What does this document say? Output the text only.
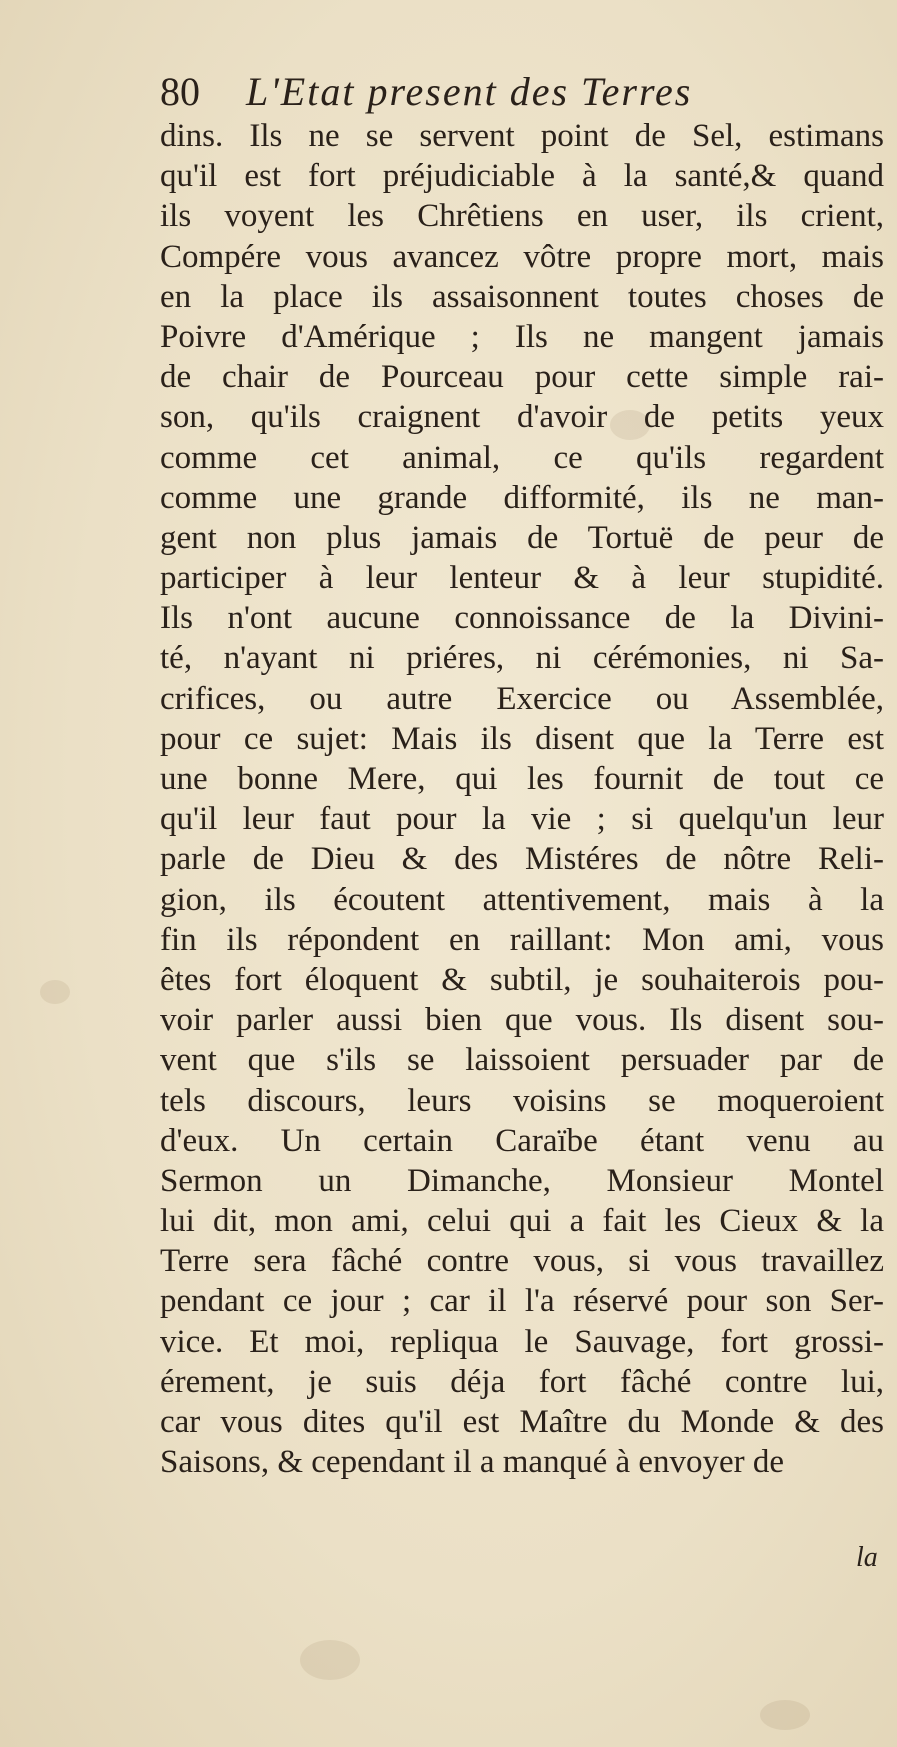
80 L'Etat present des Terres
dins. Ils ne se servent point de Sel, estimans
qu'il est fort préjudiciable à la santé,& quand
ils voyent les Chrêtiens en user, ils crient,
Compére vous avancez vôtre propre mort, mais
en la place ils assaisonnent toutes choses de
Poivre d'Amérique ; Ils ne mangent jamais
de chair de Pourceau pour cette simple rai-
son, qu'ils craignent d'avoir de petits yeux
comme cet animal, ce qu'ils regardent
comme une grande difformité, ils ne man-
gent non plus jamais de Tortuë de peur de
participer à leur lenteur & à leur stupidité.
Ils n'ont aucune connoissance de la Divini-
té, n'ayant ni priéres, ni cérémonies, ni Sa-
crifices, ou autre Exercice ou Assemblée,
pour ce sujet: Mais ils disent que la Terre est
une bonne Mere, qui les fournit de tout ce
qu'il leur faut pour la vie ; si quelqu'un leur
parle de Dieu & des Mistéres de nôtre Reli-
gion, ils écoutent attentivement, mais à la
fin ils répondent en raillant: Mon ami, vous
êtes fort éloquent & subtil, je souhaiterois pou-
voir parler aussi bien que vous. Ils disent sou-
vent que s'ils se laissoient persuader par de
tels discours, leurs voisins se moqueroient
d'eux. Un certain Caraïbe étant venu au
Sermon un Dimanche, Monsieur Montel
lui dit, mon ami, celui qui a fait les Cieux & la
Terre sera fâché contre vous, si vous travaillez
pendant ce jour ; car il l'a réservé pour son Ser-
vice. Et moi, repliqua le Sauvage, fort grossi-
érement, je suis déja fort fâché contre lui,
car vous dites qu'il est Maître du Monde & des
Saisons, & cependant il a manqué à envoyer de
la
